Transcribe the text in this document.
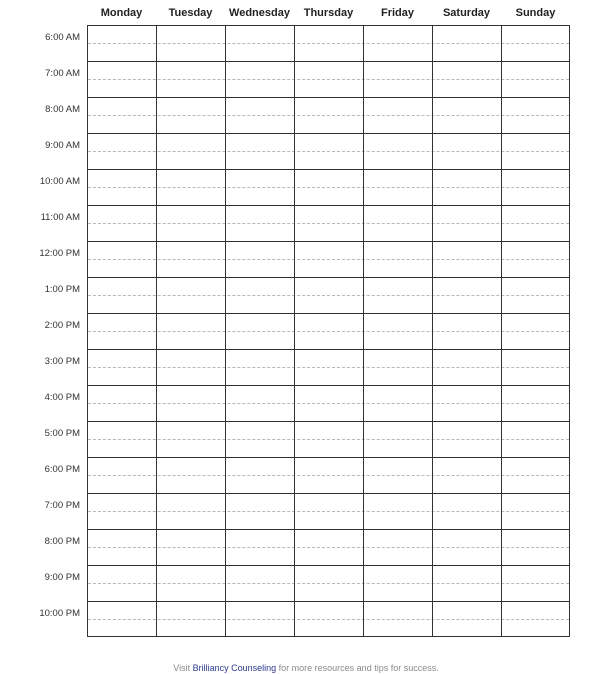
Monday	Tuesday	Wednesday	Thursday	Friday	Saturday	Sunday
6:00 AM
7:00 AM
8:00 AM
9:00 AM
10:00 AM
11:00 AM
12:00 PM
1:00 PM
2:00 PM
3:00 PM
4:00 PM
5:00 PM
6:00 PM
7:00 PM
8:00 PM
9:00 PM
10:00 PM
Visit Brilliancy Counseling for more resources and tips for success.
